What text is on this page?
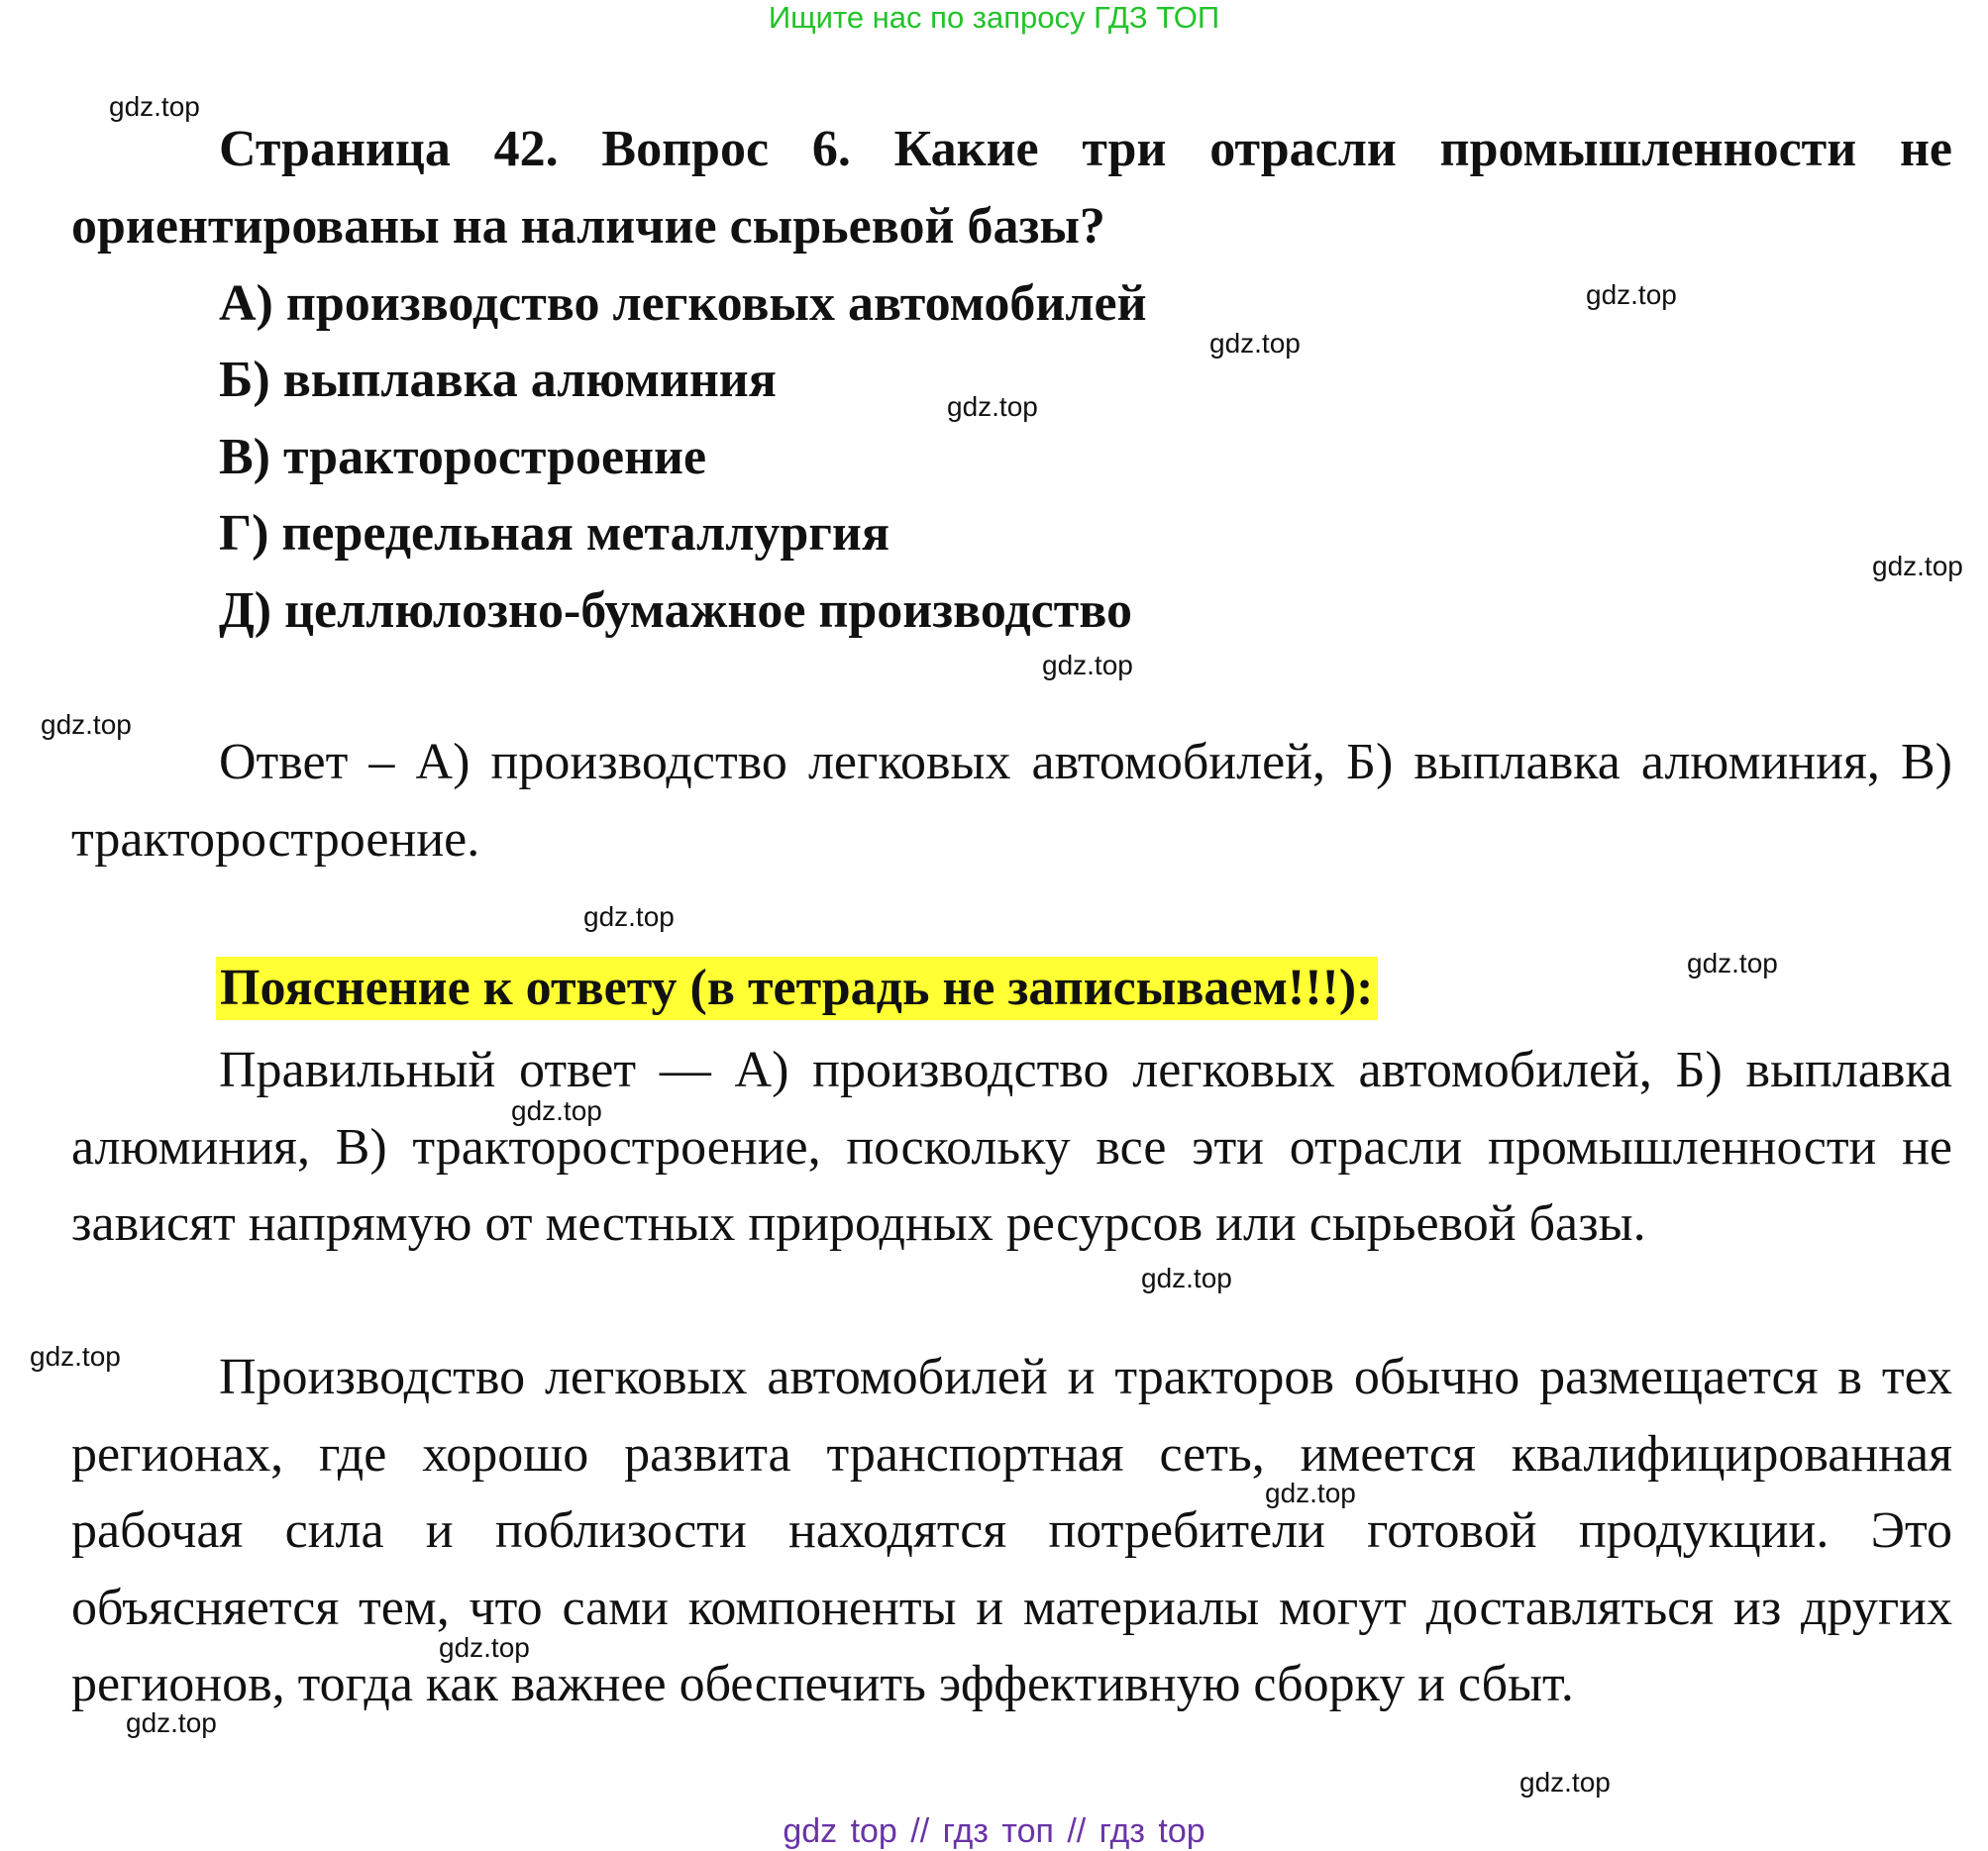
Ищите нас по запросу ГДЗ ТОП
gdz.top
gdz.top
gdz.top
gdz.top
gdz.top
gdz.top
gdz.top
gdz.top
gdz.top
gdz.top
gdz.top
gdz.top
gdz.top
gdz.top
gdz.top
gdz.top

Страница 42. Вопрос 6. Какие три отрасли промышленности не ориентированы на наличие сырьевой базы?

А) производство легковых автомобилей
Б) выплавка алюминия
В) тракторостроение
Г) передельная металлургия
Д) целлюлозно-бумажное производство

Ответ – А) производство легковых автомобилей, Б) выплавка алюминия, В) тракторостроение.

Пояснение к ответу (в тетрадь не записываем!!!):

Правильный ответ — А) производство легковых автомобилей, Б) выплавка алюминия, В) тракторостроение, поскольку все эти отрасли промышленности не зависят напрямую от местных природных ресурсов или сырьевой базы.

Производство легковых автомобилей и тракторов обычно размещается в тех регионах, где хорошо развита транспортная сеть, имеется квалифицированная рабочая сила и поблизости находятся потребители готовой продукции. Это объясняется тем, что сами компоненты и материалы могут доставляться из других регионов, тогда как важнее обеспечить эффективную сборку и сбыт.

gdz top // гдз топ // гдз top
